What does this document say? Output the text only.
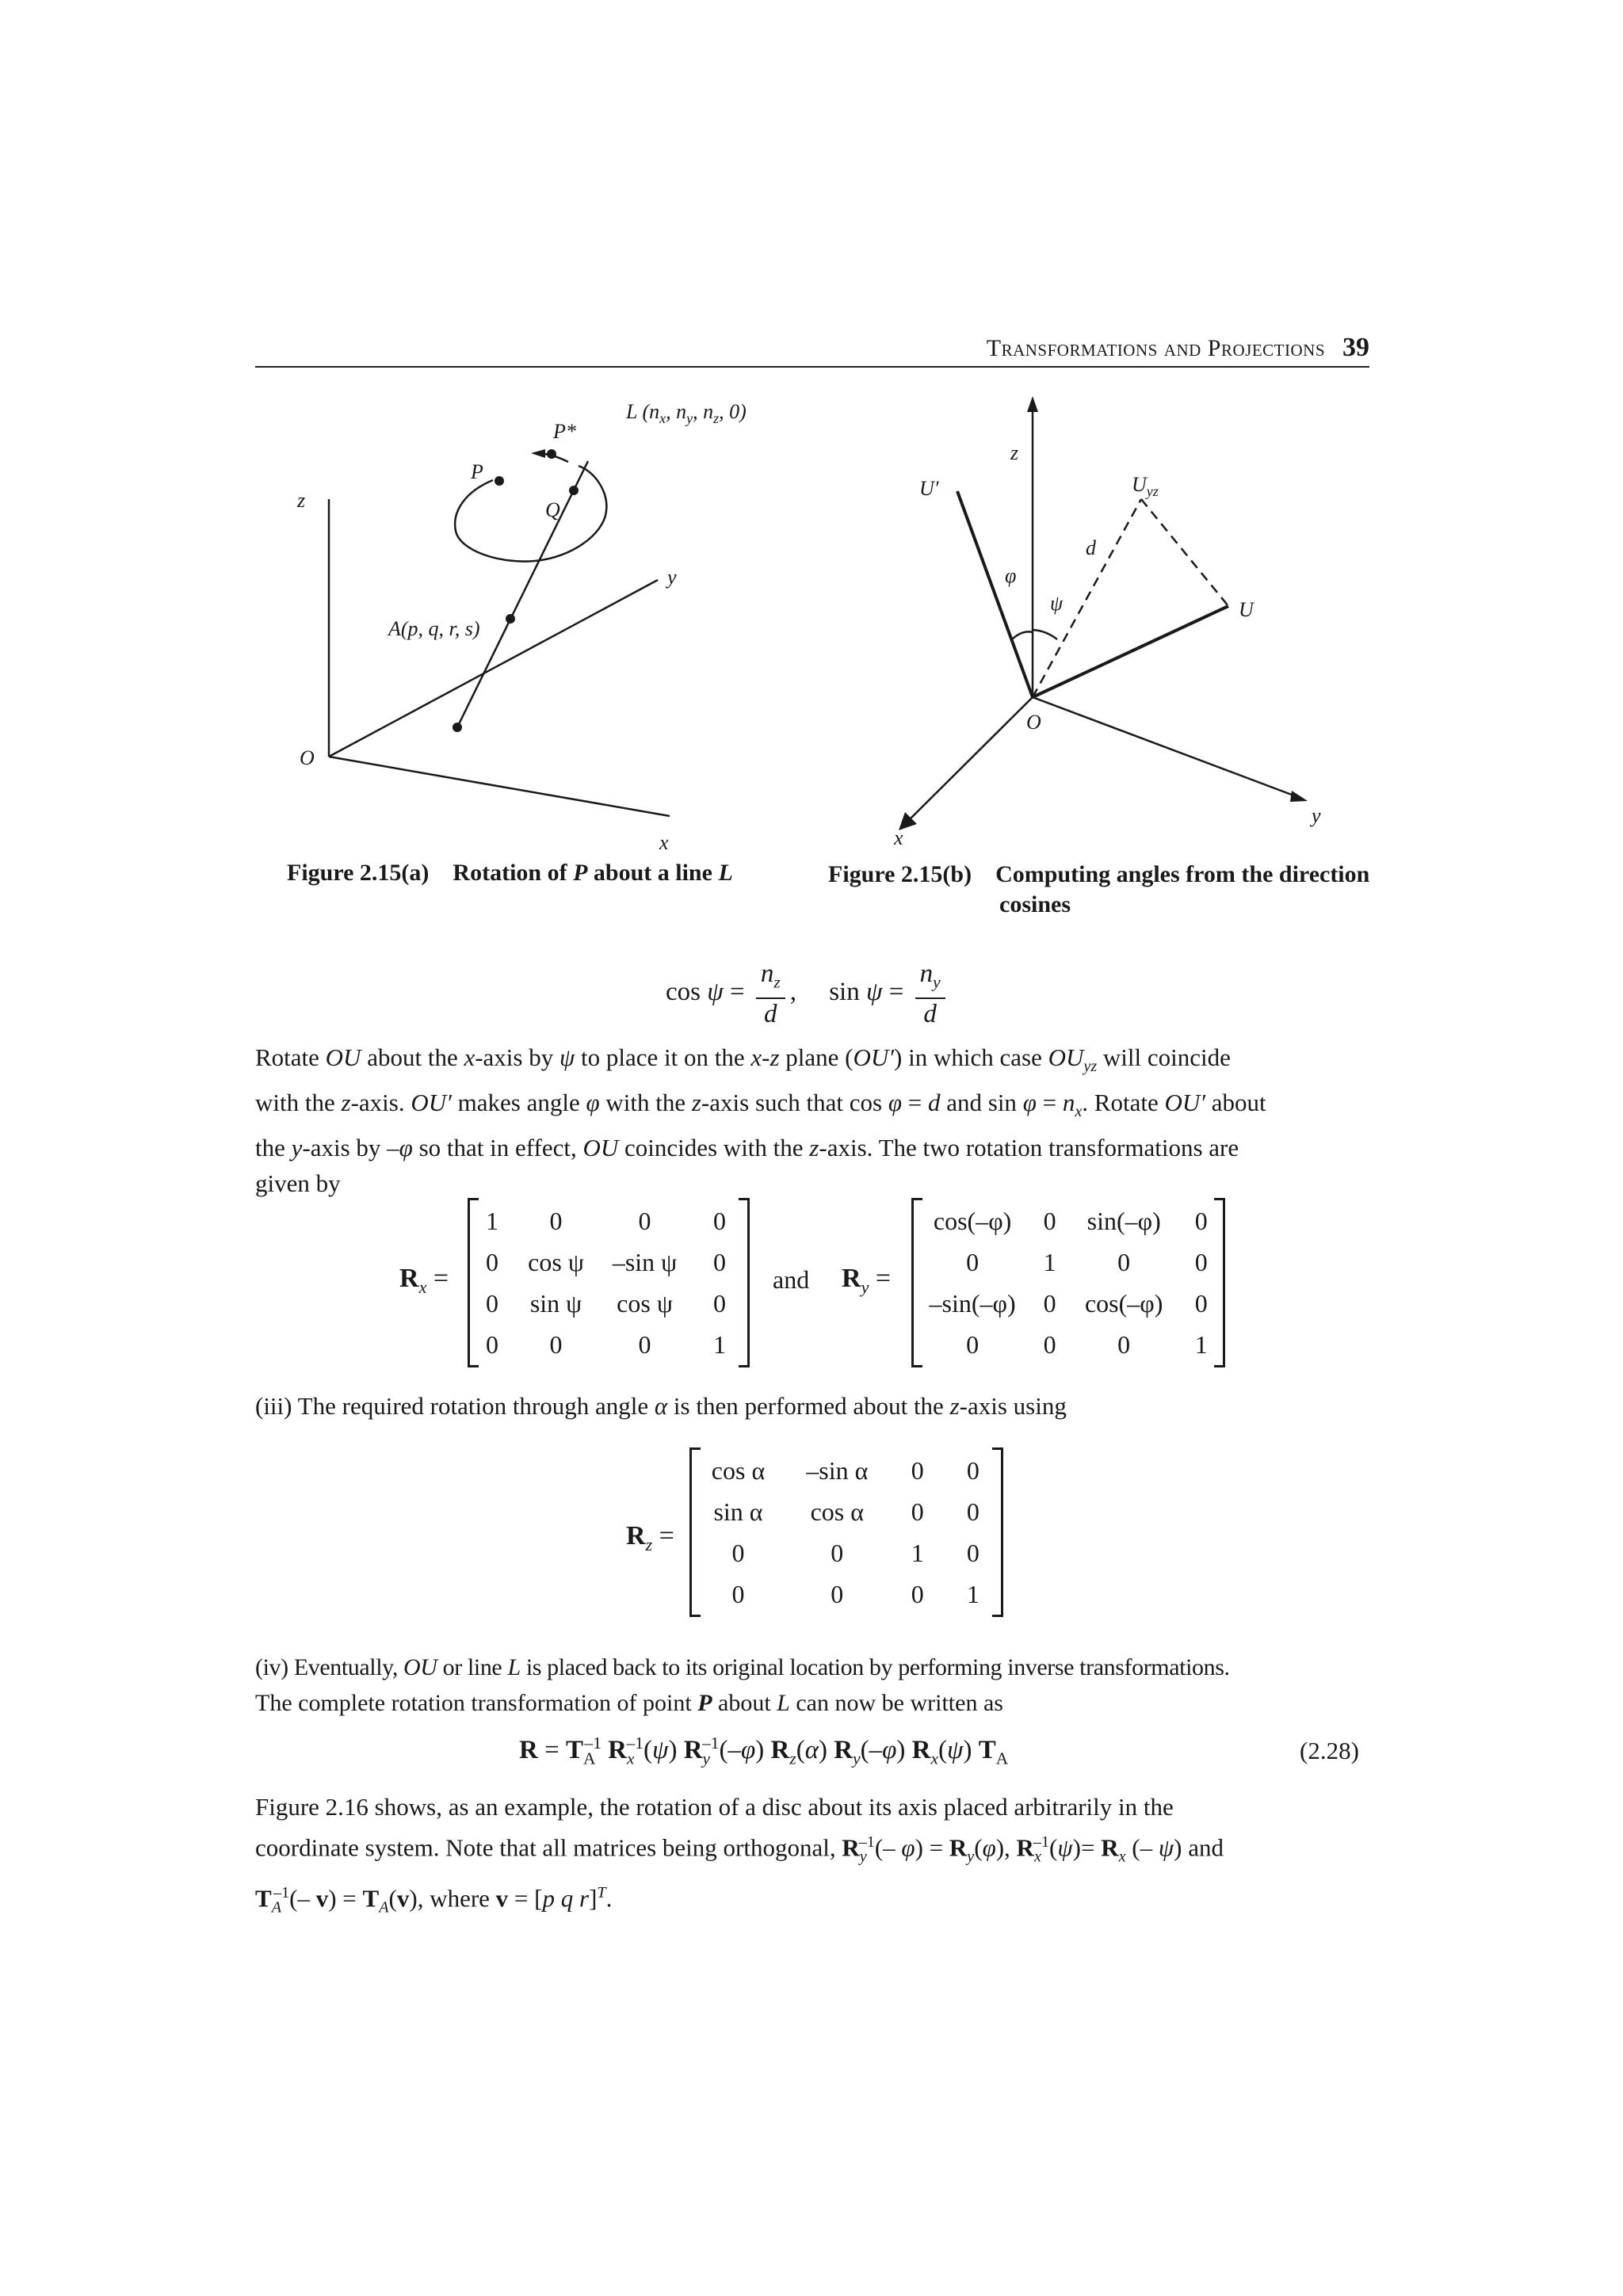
Transformations and Projections 39
z
y
x
O
P
P*
Q
A(p, q, r, s)
L ($n_x$, $n_y$, $n_z$, 0)
z
U′	$U_{yz}$
d
φ
ψ	U
O
y
x
Figure 2.15(a) Rotation of P about a line L	Figure 2.15(b) Computing angles from the direction
cosines
$\cos \psi = \frac{n_z}{d}$ , $\sin \psi = \frac{n_y}{d}$
Rotate OU about the x-axis by ψ to place it on the x-z plane (OU′) in which case $OU_{yz}$ will coincide
with the z-axis. OU′ makes angle φ with the z-axis such that cos φ = d and $\sin \varphi = n_x$. Rotate OU′ about
the y-axis by –φ so that in effect, OU coincides with the z-axis. The two rotation transformations are
given by
$R_x$ =
1	0	0	0
0	cos ψ	–sin ψ	0
0	sin ψ	cos ψ	0
0	0	0	1
and $R_y$ =
cos(–φ)	0	sin(–φ)	0
0	1	0	0
–sin(–φ)	0	cos(–φ)	0
0	0	0	1
(iii) The required rotation through angle α is then performed about the z-axis using
$R_z$ =
cos α	–sin α	0	0
sin α	cos α	0	0
0	0	1	0
0	0	0	1
(iv) Eventually, OU or line L is placed back to its original location by performing inverse transformations.
The complete rotation transformation of point P about L can now be written as
$R = T_A^{-1}$ $R_x^{-1}(\psi)$ $R_y^{-1}(-\varphi)$ $R_z(\alpha)$ $R_y(-\varphi)$ $R_x(\psi)$ $T_A$	(2.28)
Figure 2.16 shows, as an example, the rotation of a disc about its axis placed arbitrarily in the
coordinate system. Note that all matrices being orthogonal, $R_y^{-1}(-$ $\varphi) = R_y(\varphi)$, $R_x^{-1}(\psi)= R_x$ (– ψ) and
$T_A^{-1}(-$ $v) = T_A(v)$, where v = [p q r]$^T$.
